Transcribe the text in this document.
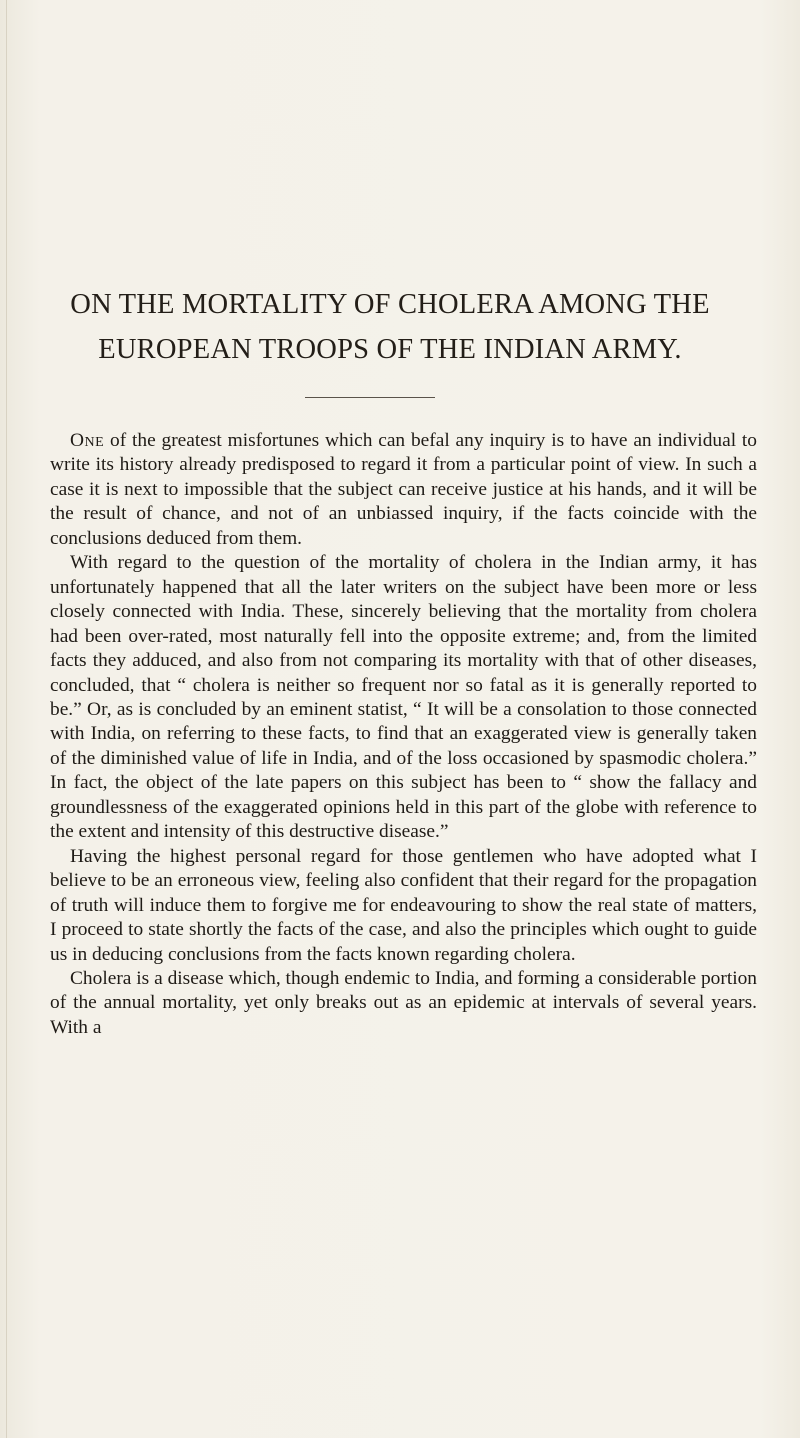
ON THE MORTALITY OF CHOLERA AMONG THE
EUROPEAN TROOPS OF THE INDIAN ARMY.

One of the greatest misfortunes which can befal any inquiry is to have an individual to write its history already predisposed to regard it from a particular point of view. In such a case it is next to impossible that the subject can receive justice at his hands, and it will be the result of chance, and not of an unbiassed inquiry, if the facts coincide with the conclusions deduced from them.

With regard to the question of the mortality of cholera in the Indian army, it has unfortunately happened that all the later writers on the subject have been more or less closely connected with India. These, sincerely believing that the mortality from cholera had been over-rated, most naturally fell into the opposite extreme; and, from the limited facts they adduced, and also from not comparing its mortality with that of other diseases, concluded, that “ cholera is neither so frequent nor so fatal as it is generally reported to be.” Or, as is concluded by an eminent statist, “ It will be a consolation to those connected with India, on referring to these facts, to find that an exaggerated view is generally taken of the diminished value of life in India, and of the loss occasioned by spasmodic cholera.” In fact, the object of the late papers on this subject has been to “ show the fallacy and groundlessness of the exaggerated opinions held in this part of the globe with reference to the extent and intensity of this destructive disease.”

Having the highest personal regard for those gentlemen who have adopted what I believe to be an erroneous view, feeling also confident that their regard for the propagation of truth will induce them to forgive me for endeavouring to show the real state of matters, I proceed to state shortly the facts of the case, and also the principles which ought to guide us in deducing conclusions from the facts known regarding cholera.

Cholera is a disease which, though endemic to India, and forming a considerable portion of the annual mortality, yet only breaks out as an epidemic at intervals of several years. With a
